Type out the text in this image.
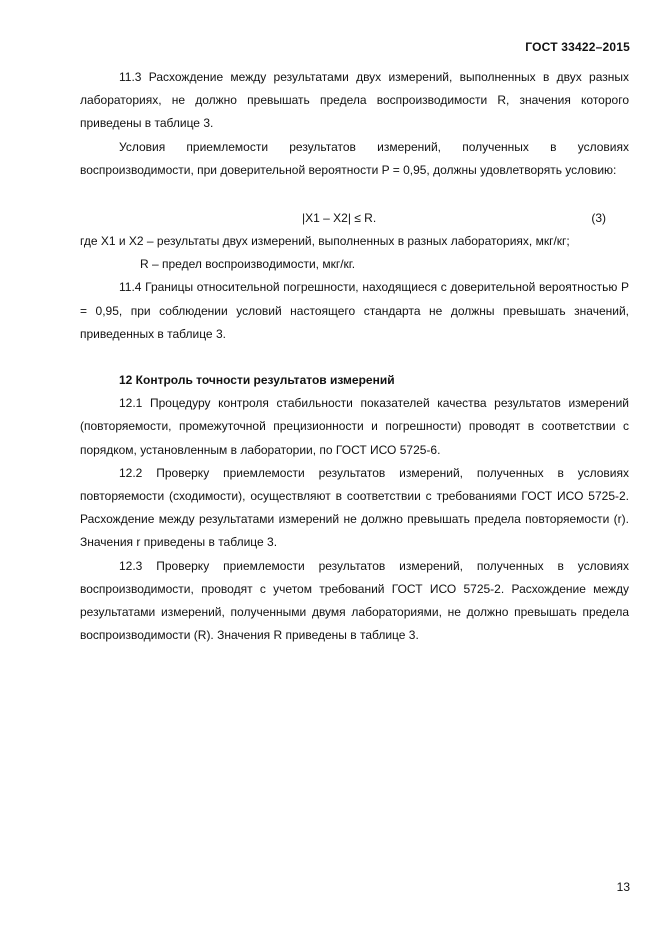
ГОСТ 33422–2015

11.3 Расхождение между результатами двух измерений, выполненных в двух разных лабораториях, не должно превышать предела воспроизводимости R, значения которого приведены в таблице 3.

Условия приемлемости результатов измерений, полученных в условиях воспроизводимости, при доверительной вероятности P = 0,95, должны удовлетворять условию:

|X1 – X2| ≤ R.	(3)

где X1 и X2 – результаты двух измерений, выполненных в разных лабораториях, мкг/кг;

R – предел воспроизводимости, мкг/кг.

11.4 Границы относительной погрешности, находящиеся с доверительной вероятностью P = 0,95, при соблюдении условий настоящего стандарта не должны превышать значений, приведенных в таблице 3.

12 Контроль точности результатов измерений

12.1 Процедуру контроля стабильности показателей качества результатов измерений (повторяемости, промежуточной прецизионности и погрешности) проводят в соответствии с порядком, установленным в лаборатории, по ГОСТ ИСО 5725-6.

12.2 Проверку приемлемости результатов измерений, полученных в условиях повторяемости (сходимости), осуществляют в соответствии с требованиями ГОСТ ИСО 5725-2. Расхождение между результатами измерений не должно превышать предела повторяемости (r). Значения r приведены в таблице 3.

12.3 Проверку приемлемости результатов измерений, полученных в условиях воспроизводимости, проводят с учетом требований ГОСТ ИСО 5725-2. Расхождение между результатами измерений, полученными двумя лабораториями, не должно превышать предела воспроизводимости (R). Значения R приведены в таблице 3.

13
